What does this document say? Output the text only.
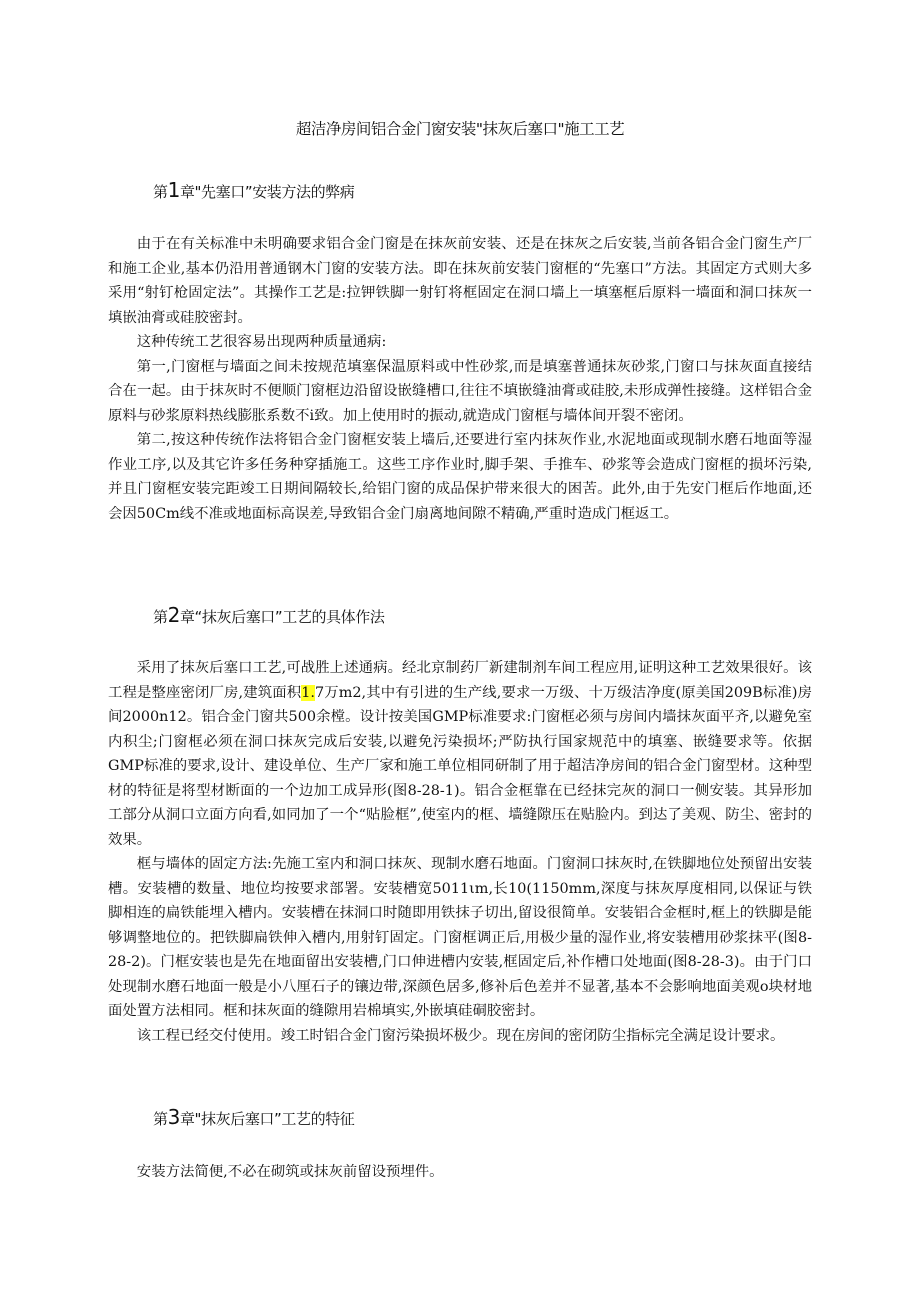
超洁净房间铝合金门窗安装"抹灰后塞口"施工工艺
第1章"先塞口”安装方法的弊病

由于在有关标准中未明确要求铝合金门窗是在抹灰前安装、还是在抹灰之后安装,当前各铝合金门窗生产厂和施工企业,基本仍沿用普通钢木门窗的安装方法。即在抹灰前安装门窗框的“先塞口”方法。其固定方式则大多采用“射钉枪固定法”。其操作工艺是:拉钾铁脚一射钉将框固定在洞口墙上一填塞框后原料一墙面和洞口抹灰一填嵌油膏或硅胶密封。

这种传统工艺很容易出现两种质量通病:

第一,门窗框与墙面之间未按规范填塞保温原料或中性砂浆,而是填塞普通抹灰砂浆,门窗口与抹灰面直接结合在一起。由于抹灰时不便顺门窗框边沿留设嵌缝槽口,往往不填嵌缝油膏或硅胶,未形成弹性接缝。这样铝合金原料与砂浆原料热线膨胀系数不i致。加上使用时的振动,就造成门窗框与墙体间开裂不密闭。

第二,按这种传统作法将铝合金门窗框安装上墙后,还要进行室内抹灰作业,水泥地面或现制水磨石地面等湿作业工序,以及其它许多任务种穿插施工。这些工序作业时,脚手架、手推车、砂浆等会造成门窗框的损坏污染,并且门窗框安装完距竣工日期间隔较长,给铝门窗的成品保护带来很大的困苦。此外,由于先安门框后作地面,还会因50Cm线不准或地面标高误差,导致铝合金门扇离地间隙不精确,严重时造成门框返工。

第2章“抹灰后塞口”工艺的具体作法

采用了抹灰后塞口工艺,可战胜上述通病。经北京制药厂新建制剂车间工程应用,证明这种工艺效果很好。该工程是整座密闭厂房,建筑面积1.7万m2,其中有引进的生产线,要求一万级、十万级洁净度(原美国209B标准)房间2000n12。铝合金门窗共500余樘。设计按美国GMP标准要求:门窗框必须与房间内墙抹灰面平齐,以避免室内积尘;门窗框必须在洞口抹灰完成后安装,以避免污染损坏;严防执行国家规范中的填塞、嵌缝要求等。依据GMP标准的要求,设计、建设单位、生产厂家和施工单位相同研制了用于超洁净房间的铝合金门窗型材。这种型材的特征是将型材断面的一个边加工成异形(图8-28-1)。铝合金框靠在已经抹完灰的洞口一侧安装。其异形加工部分从洞口立面方向看,如同加了一个“贴脸框”,使室内的框、墙缝隙压在贴脸内。到达了美观、防尘、密封的效果。

框与墙体的固定方法:先施工室内和洞口抹灰、现制水磨石地面。门窗洞口抹灰时,在铁脚地位处预留出安装槽。安装槽的数量、地位均按要求部署。安装槽宽5011ιm,长10(1150mm,深度与抹灰厚度相同,以保证与铁脚相连的扁铁能埋入槽内。安装槽在抹洞口时随即用铁抹子切出,留设很简单。安装铝合金框时,框上的铁脚是能够调整地位的。把铁脚扁铁伸入槽内,用射钉固定。门窗框调正后,用极少量的湿作业,将安装槽用砂浆抹平(图8-28-2)。门框安装也是先在地面留出安装槽,门口伸进槽内安装,框固定后,补作槽口处地面(图8-28-3)。由于门口处现制水磨石地面一般是小八厘石子的镶边带,深颜色居多,修补后色差并不显著,基本不会影响地面美观o块材地面处置方法相同。框和抹灰面的缝隙用岩棉填实,外嵌填硅硐胶密封。

该工程已经交付使用。竣工时铝合金门窗污染损坏极少。现在房间的密闭防尘指标完全满足设计要求。

第3章"抹灰后塞口”工艺的特征

安装方法简便,不必在砌筑或抹灰前留设预埋件。
